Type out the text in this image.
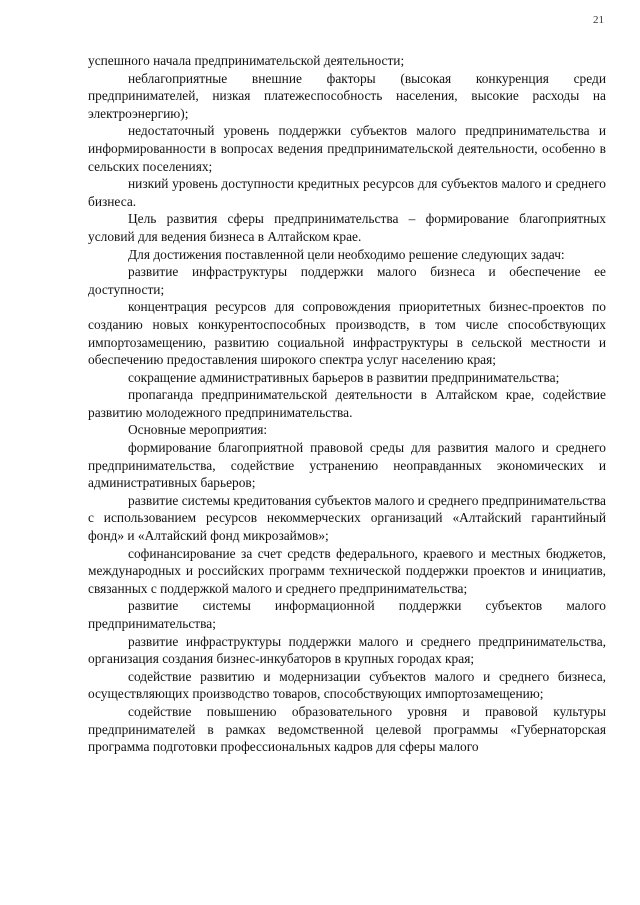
21

успешного начала предпринимательской деятельности;

неблагоприятные внешние факторы (высокая конкуренция среди предпринимателей, низкая платежеспособность населения, высокие расходы на электроэнергию);

недостаточный уровень поддержки субъектов малого предпринимательства и информированности в вопросах ведения предпринимательской деятельности, особенно в сельских поселениях;

низкий уровень доступности кредитных ресурсов для субъектов малого и среднего бизнеса.

Цель развития сферы предпринимательства – формирование благоприятных условий для ведения бизнеса в Алтайском крае.

Для достижения поставленной цели необходимо решение следующих задач:

развитие инфраструктуры поддержки малого бизнеса и обеспечение ее доступности;

концентрация ресурсов для сопровождения приоритетных бизнес-проектов по созданию новых конкурентоспособных производств, в том числе способствующих импортозамещению, развитию социальной инфраструктуры в сельской местности и обеспечению предоставления широкого спектра услуг населению края;

сокращение административных барьеров в развитии предпринимательства;

пропаганда предпринимательской деятельности в Алтайском крае, содействие развитию молодежного предпринимательства.

Основные мероприятия:

формирование благоприятной правовой среды для развития малого и среднего предпринимательства, содействие устранению неоправданных экономических и административных барьеров;

развитие системы кредитования субъектов малого и среднего предпринимательства с использованием ресурсов некоммерческих организаций «Алтайский гарантийный фонд» и «Алтайский фонд микрозаймов»;

софинансирование за счет средств федерального, краевого и местных бюджетов, международных и российских программ технической поддержки проектов и инициатив, связанных с поддержкой малого и среднего предпринимательства;

развитие системы информационной поддержки субъектов малого предпринимательства;

развитие инфраструктуры поддержки малого и среднего предпринимательства, организация создания бизнес-инкубаторов в крупных городах края;

содействие развитию и модернизации субъектов малого и среднего бизнеса, осуществляющих производство товаров, способствующих импортозамещению;

содействие повышению образовательного уровня и правовой культуры предпринимателей в рамках ведомственной целевой программы «Губернаторская программа подготовки профессиональных кадров для сферы малого
